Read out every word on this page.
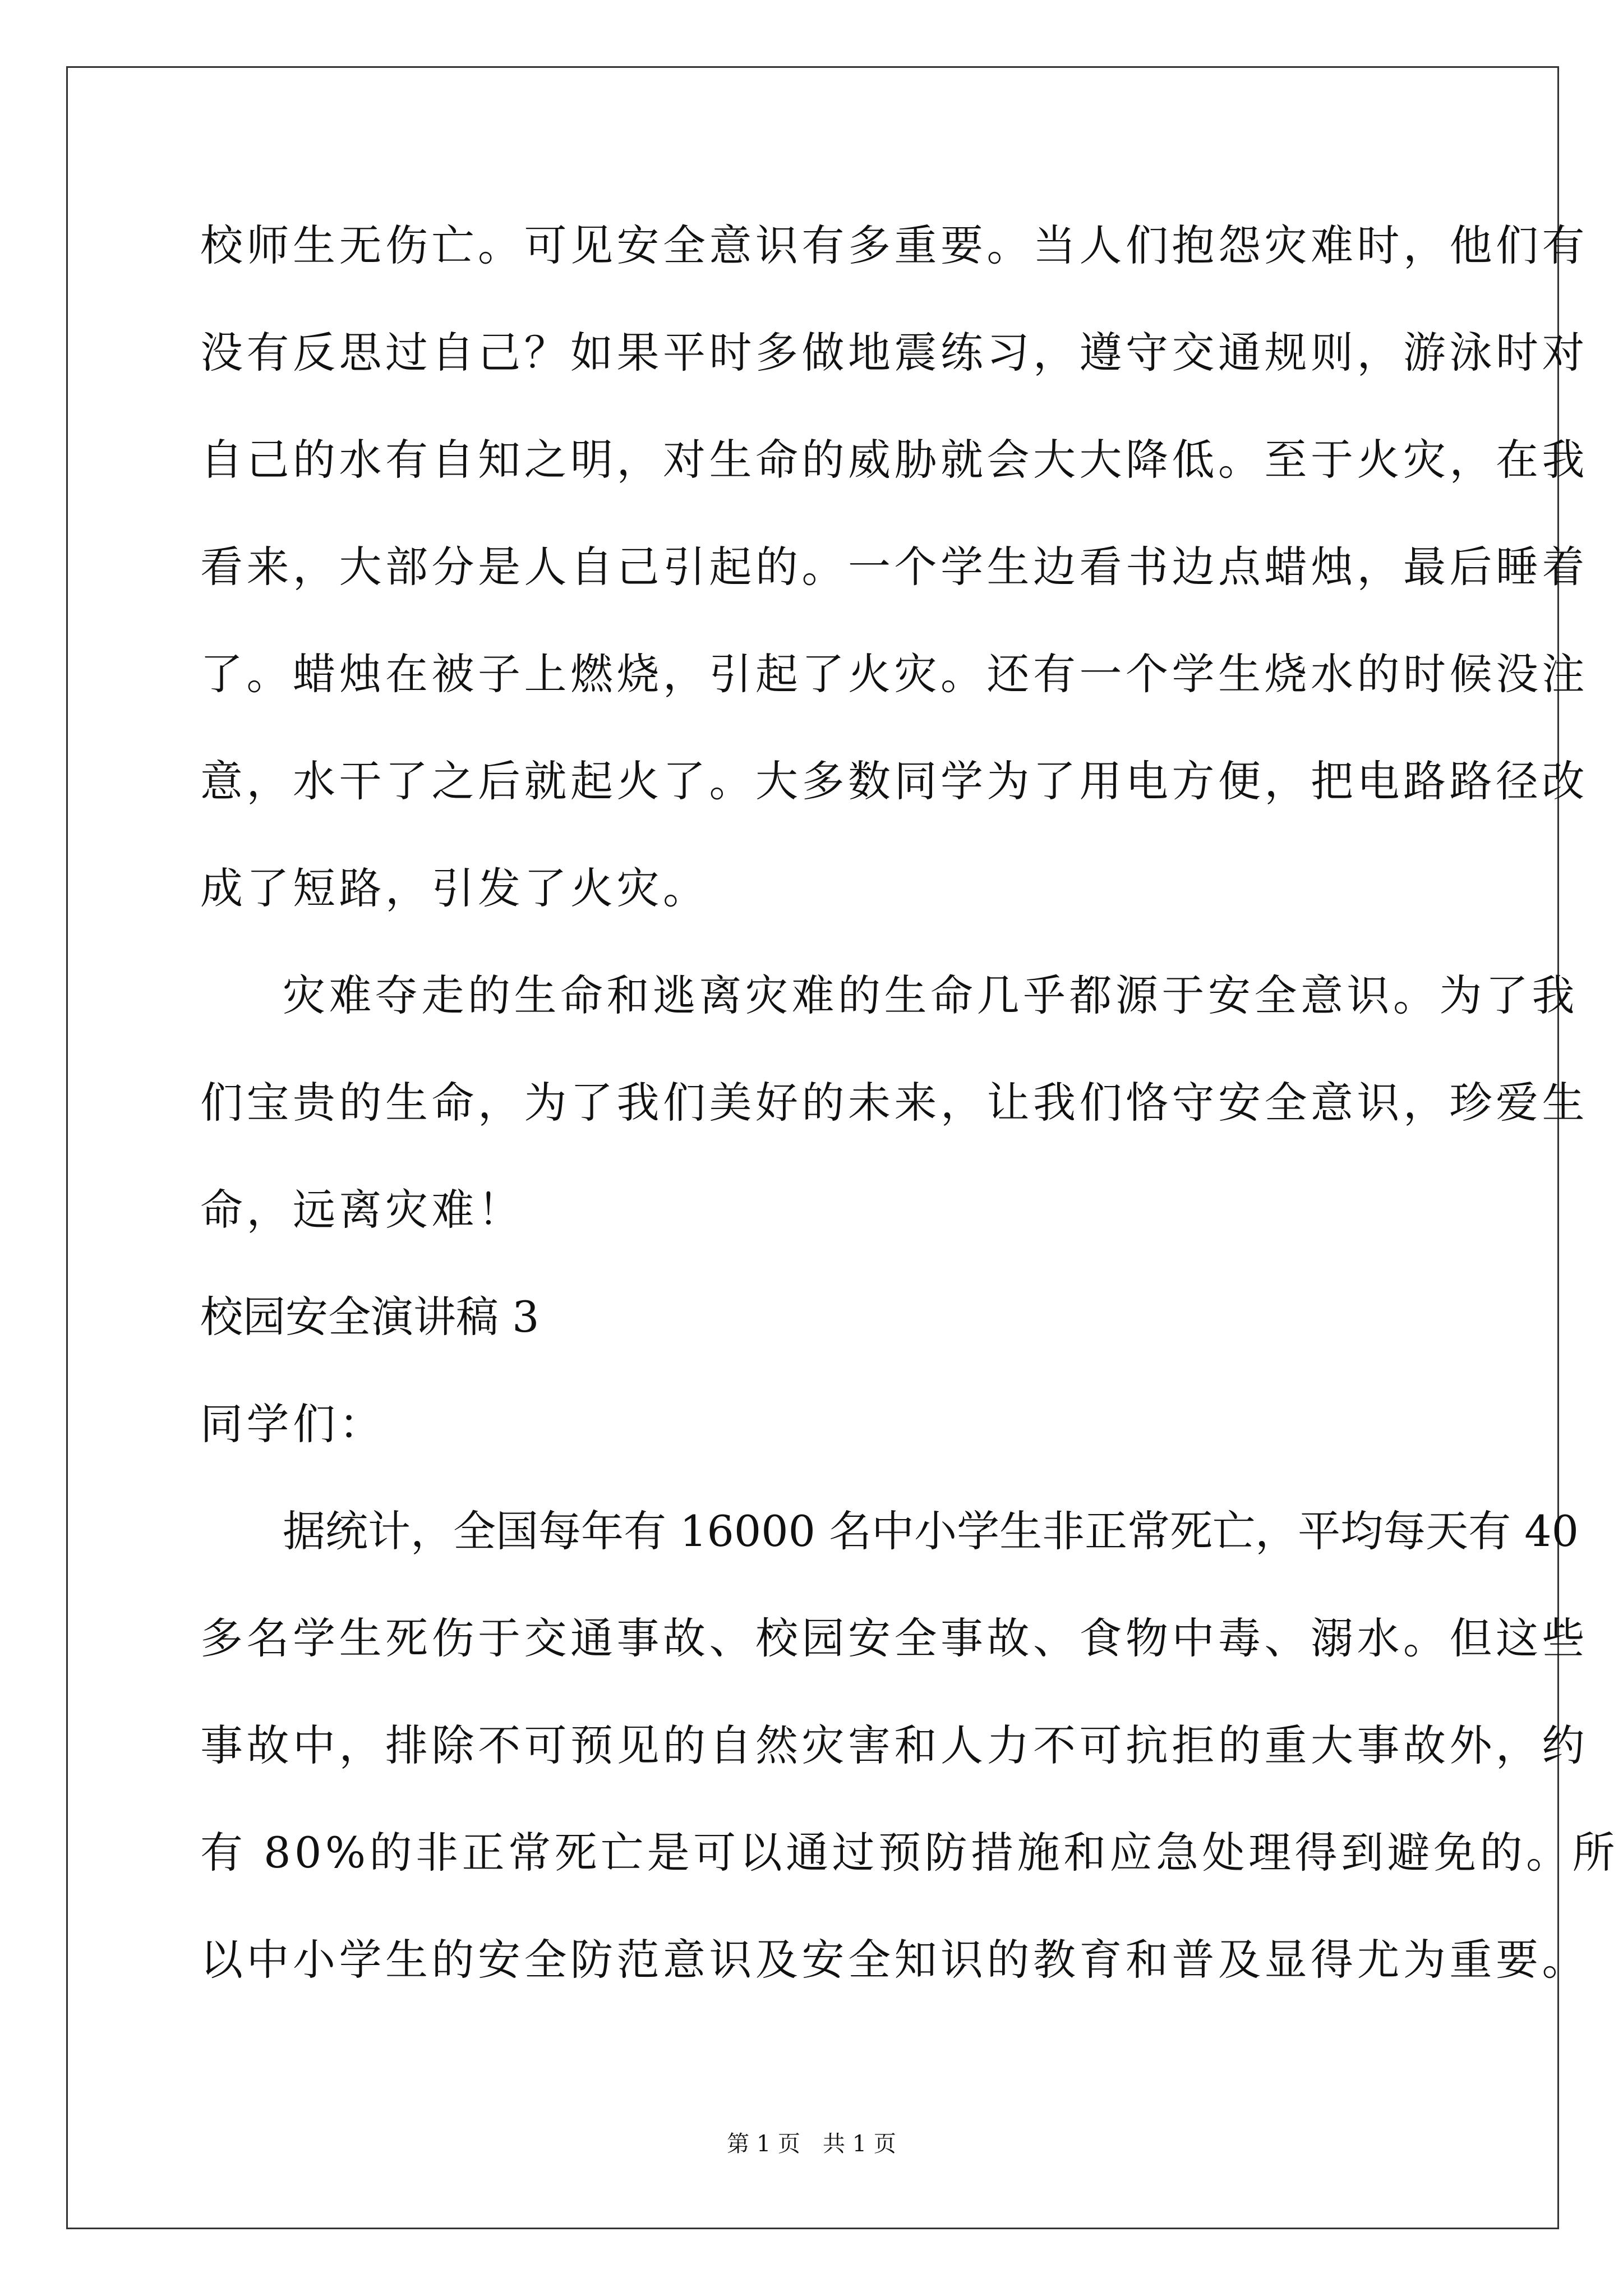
校师生无伤亡。可见安全意识有多重要。当人们抱怨灾难时，他们有
没有反思过自己？如果平时多做地震练习，遵守交通规则，游泳时对
自己的水有自知之明，对生命的威胁就会大大降低。至于火灾，在我
看来，大部分是人自己引起的。一个学生边看书边点蜡烛，最后睡着
了。蜡烛在被子上燃烧，引起了火灾。还有一个学生烧水的时候没注
意，水干了之后就起火了。大多数同学为了用电方便，把电路路径改
成了短路，引发了火灾。
灾难夺走的生命和逃离灾难的生命几乎都源于安全意识。为了我
们宝贵的生命，为了我们美好的未来，让我们恪守安全意识，珍爱生
命，远离灾难！
校园安全演讲稿 3
同学们：
据统计，全国每年有 16000 名中小学生非正常死亡，平均每天有 40
多名学生死伤于交通事故、校园安全事故、食物中毒、溺水。但这些
事故中，排除不可预见的自然灾害和人力不可抗拒的重大事故外，约
有 80%的非正常死亡是可以通过预防措施和应急处理得到避免的。所
以中小学生的安全防范意识及安全知识的教育和普及显得尤为重要。
第 1 页　共 1 页
